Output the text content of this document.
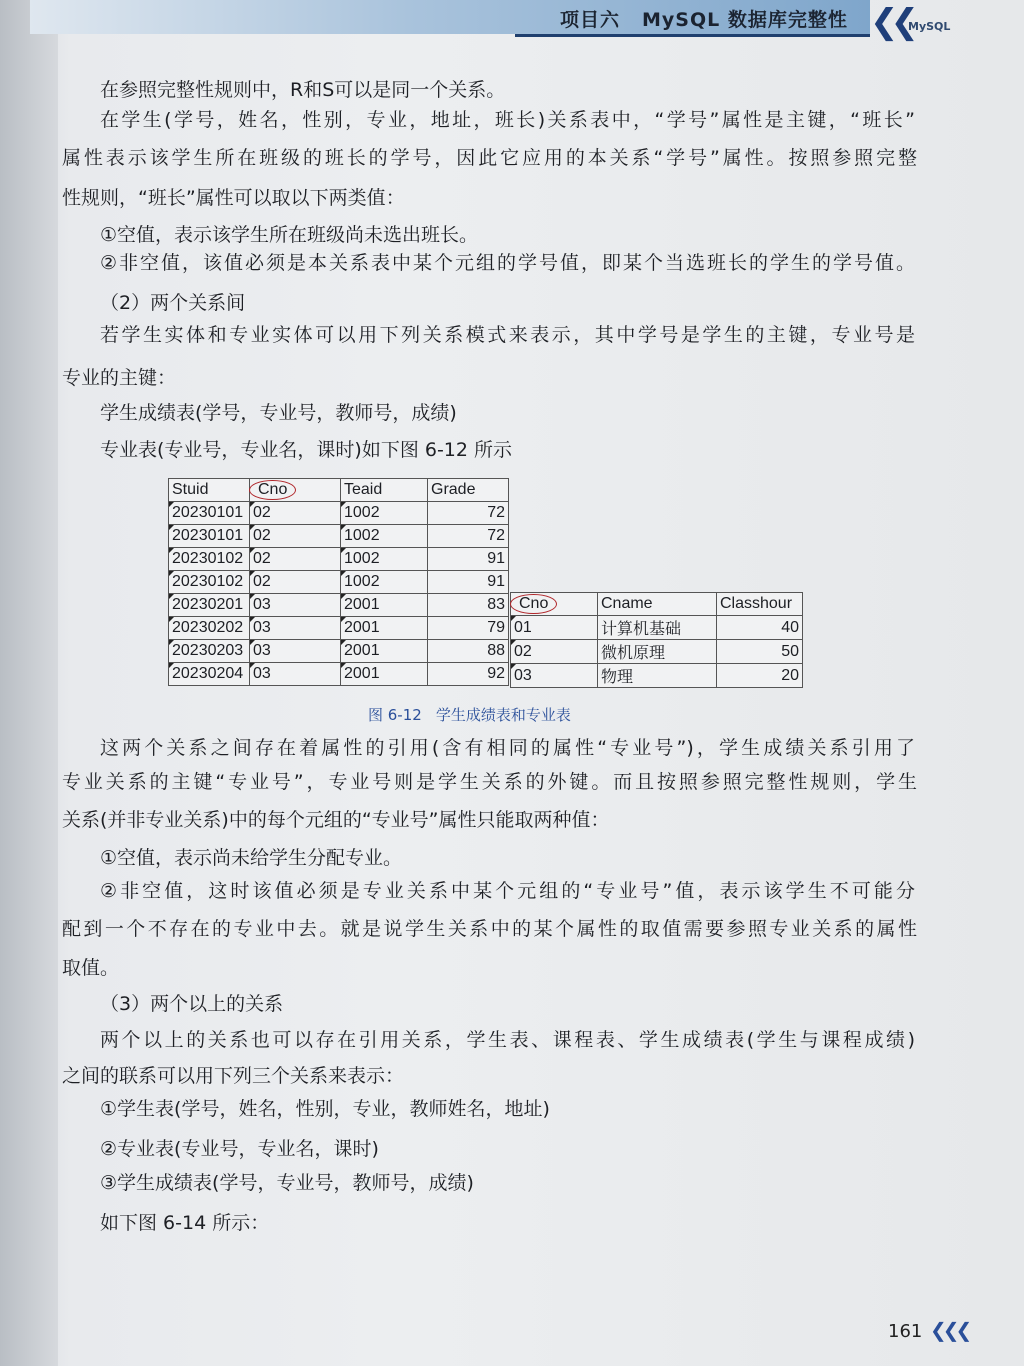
项目六 MySQL 数据库完整性 ❮❮
MySQL
在参照完整性规则中，R和S可以是同一个关系。
在学生(学号，姓名，性别，专业，地址，班长)关系表中，“学号”属性是主键，“班长”
属性表示该学生所在班级的班长的学号，因此它应用的本关系“学号”属性。按照参照完整
性规则，“班长”属性可以取以下两类值：
①空值，表示该学生所在班级尚未选出班长。
②非空值，该值必须是本关系表中某个元组的学号值，即某个当选班长的学生的学号值。
（2）两个关系间
若学生实体和专业实体可以用下列关系模式来表示，其中学号是学生的主键，专业号是
专业的主键：
学生成绩表(学号，专业号，教师号，成绩)
专业表(专业号，专业名，课时)如下图 6-12 所示
这两个关系之间存在着属性的引用(含有相同的属性“专业号”)，学生成绩关系引用了
专业关系的主键“专业号”，专业号则是学生关系的外键。而且按照参照完整性规则，学生
关系(并非专业关系)中的每个元组的“专业号”属性只能取两种值：
①空值，表示尚未给学生分配专业。
②非空值，这时该值必须是专业关系中某个元组的“专业号”值，表示该学生不可能分
配到一个不存在的专业中去。就是说学生关系中的某个属性的取值需要参照专业关系的属性
取值。
（3）两个以上的关系
两个以上的关系也可以存在引用关系，学生表、课程表、学生成绩表(学生与课程成绩)
之间的联系可以用下列三个关系来表示：
①学生表(学号，姓名，性别，专业，教师姓名，地址)
②专业表(专业号，专业名，课时)
③学生成绩表(学号，专业号，教师号，成绩)
如下图 6-14 所示：
Stuid	Cno	Teaid	Grade
20230101	02	1002	72
20230101	02	1002	72
20230102	02	1002	91
20230102	02	1002	91
20230201	03	2001	83
20230202	03	2001	79
20230203	03	2001	88
20230204	03	2001	92
Cno	Cname	Classhour
01	计算机基础	40
02	微机原理	50
03	物理	20
图 6-12 学生成绩表和专业表
161 ❮❮❮
